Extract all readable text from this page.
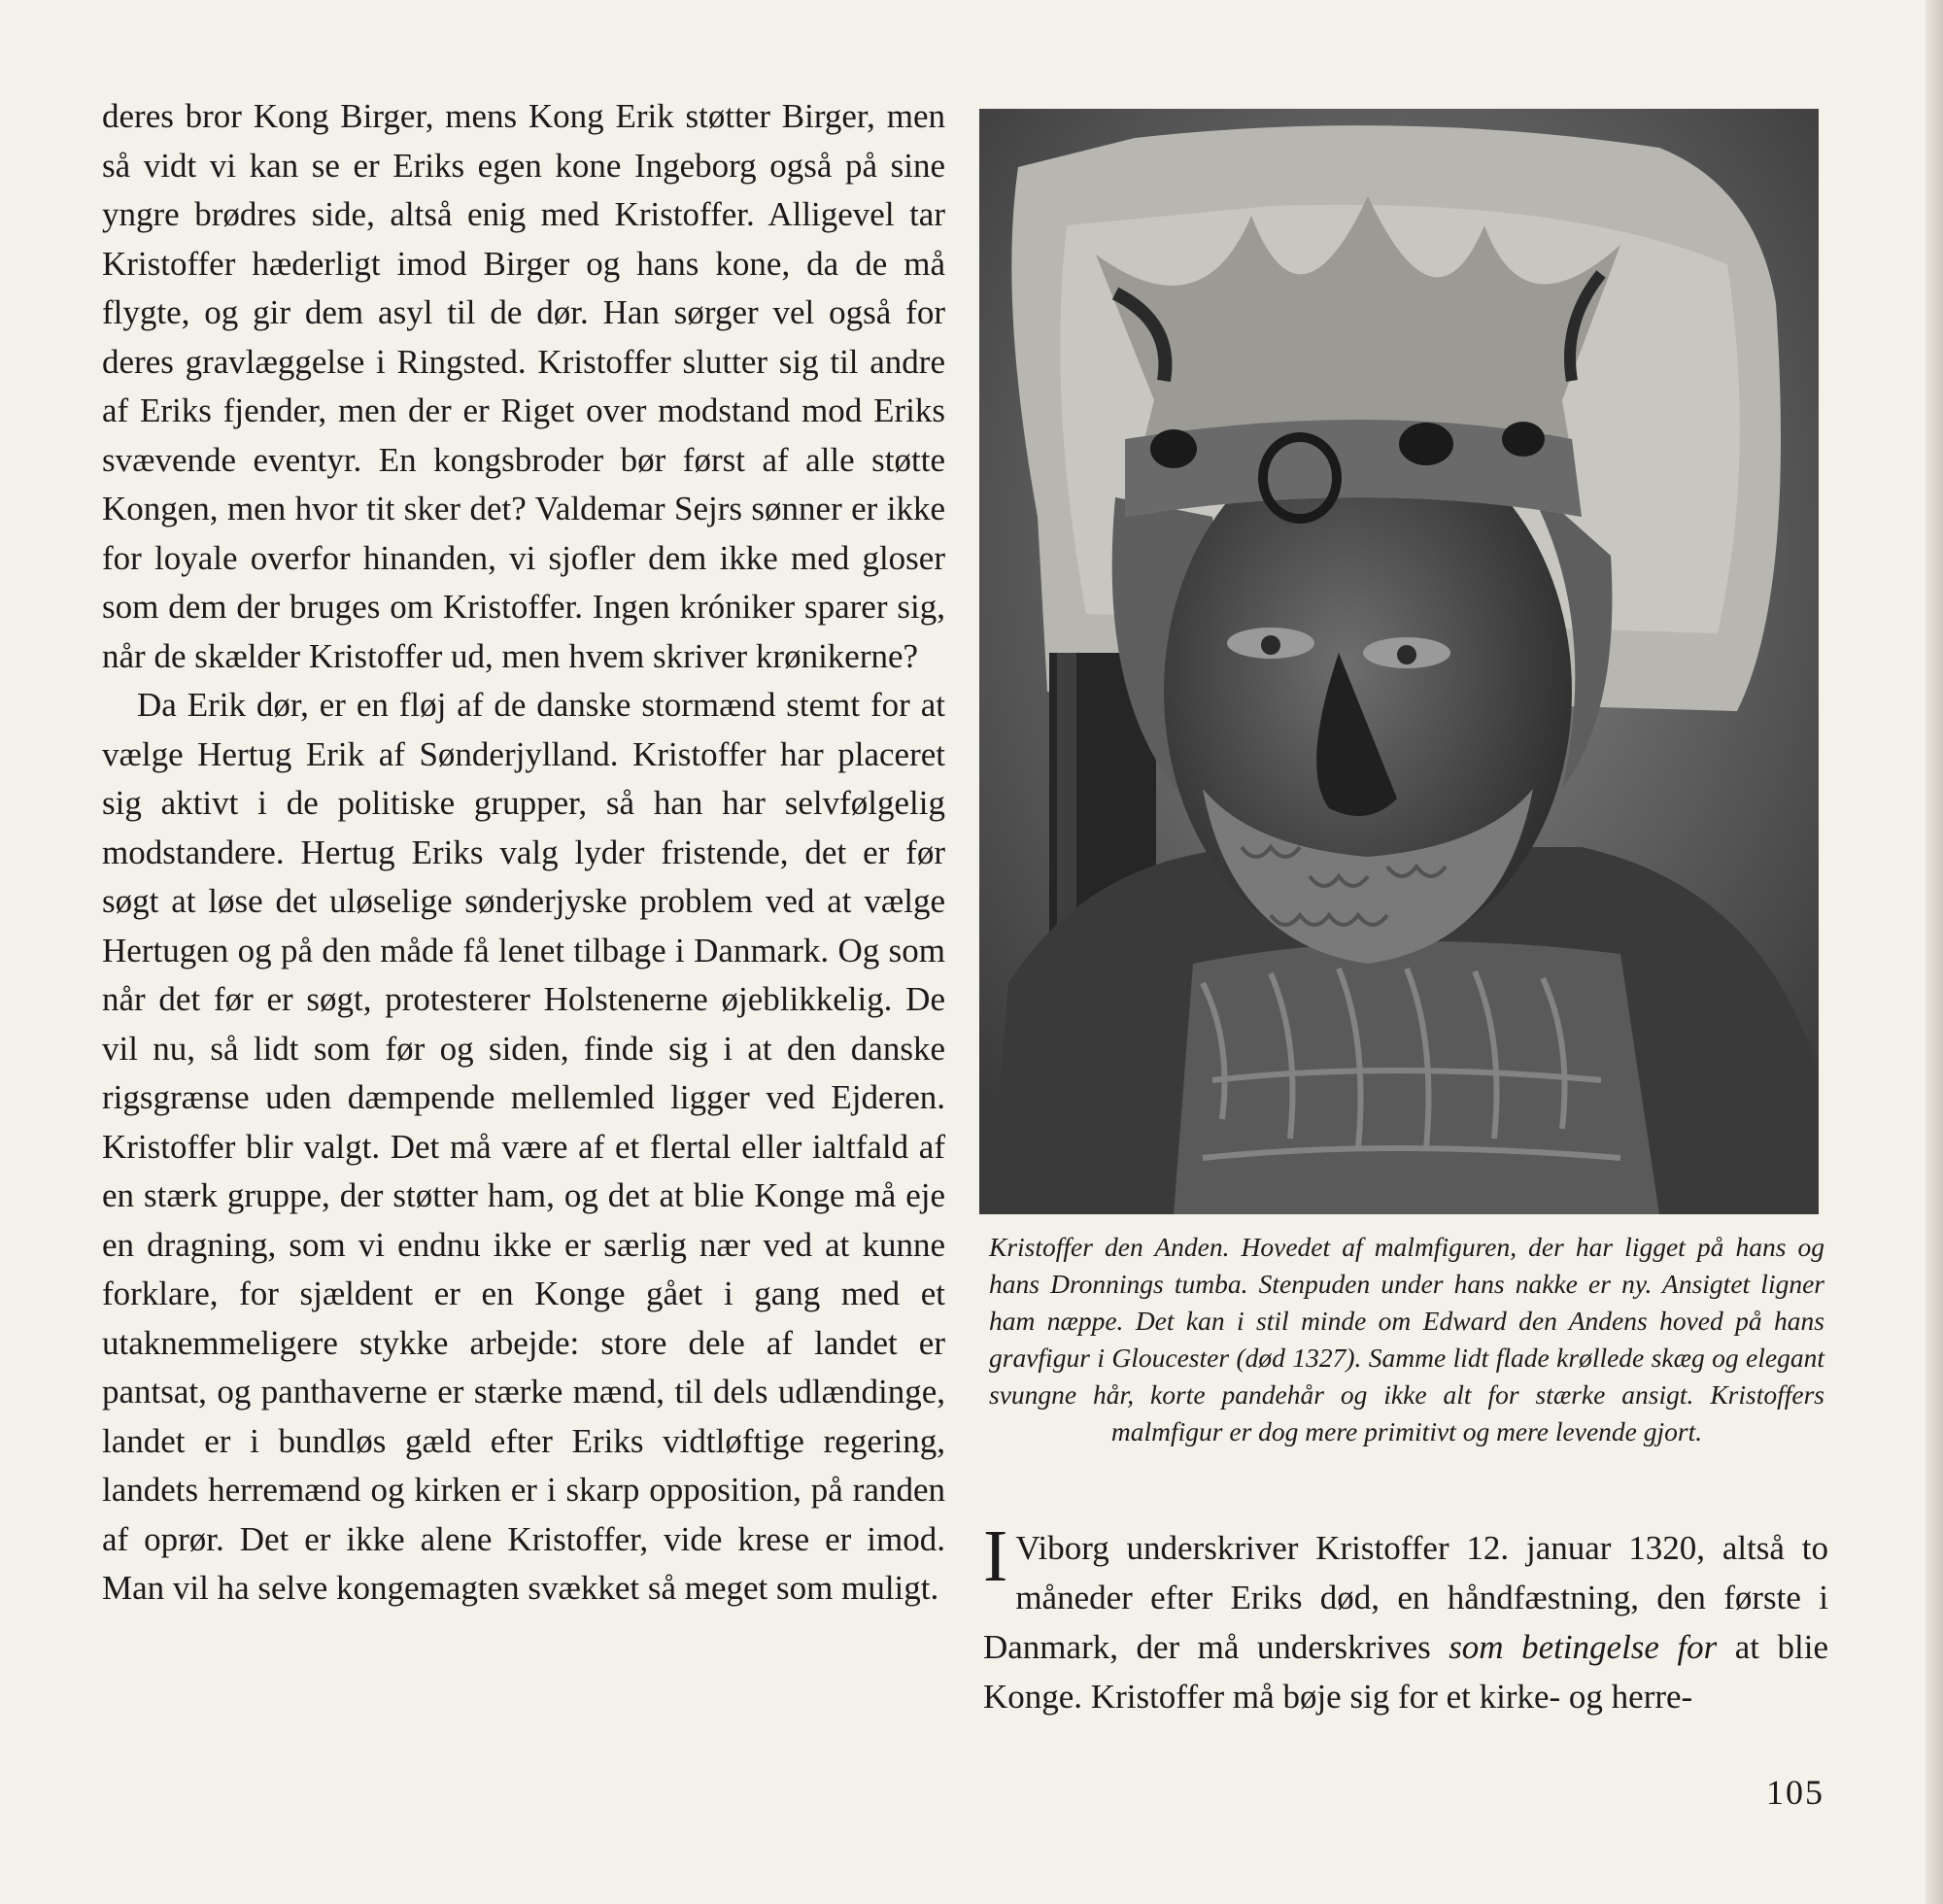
deres bror Kong Birger, mens Kong Erik støtter Birger, men så vidt vi kan se er Eriks egen kone Ingeborg også på sine yngre brødres side, altså enig med Kristoffer. Alligevel tar Kristoffer hæderligt imod Birger og hans kone, da de må flygte, og gir dem asyl til de dør. Han sørger vel også for deres gravlæggelse i Ringsted. Kristoffer slutter sig til andre af Eriks fjender, men der er Riget over modstand mod Eriks svævende eventyr. En kongsbroder bør først af alle støtte Kongen, men hvor tit sker det? Valdemar Sejrs sønner er ikke for loyale overfor hinanden, vi sjofler dem ikke med gloser som dem der bruges om Kristoffer. Ingen króniker sparer sig, når de skælder Kristoffer ud, men hvem skriver krønikerne?

Da Erik dør, er en fløj af de danske stormænd stemt for at vælge Hertug Erik af Sønderjylland. Kristoffer har placeret sig aktivt i de politiske grupper, så han har selvfølgelig modstandere. Hertug Eriks valg lyder fristende, det er før søgt at løse det uløselige sønderjyske problem ved at vælge Hertugen og på den måde få lenet tilbage i Danmark. Og som når det før er søgt, protesterer Holstenerne øjeblikkelig. De vil nu, så lidt som før og siden, finde sig i at den danske rigsgrænse uden dæmpende mellemled ligger ved Ejderen. Kristoffer blir valgt. Det må være af et flertal eller ialtfald af en stærk gruppe, der støtter ham, og det at blie Konge må eje en dragning, som vi endnu ikke er særlig nær ved at kunne forklare, for sjældent er en Konge gået i gang med et utaknemmeligere stykke arbejde: store dele af landet er pantsat, og panthaverne er stærke mænd, til dels udlændinge, landet er i bundløs gæld efter Eriks vidtløftige regering, landets herremænd og kirken er i skarp opposition, på randen af oprør. Det er ikke alene Kristoffer, vide krese er imod. Man vil ha selve kongemagten svækket så meget som muligt.

Kristoffer den Anden. Hovedet af malmfiguren, der har ligget på hans og hans Dronnings tumba. Stenpuden under hans nakke er ny. Ansigtet ligner ham næppe. Det kan i stil minde om Edward den Andens hoved på hans gravfigur i Gloucester (død 1327). Samme lidt flade krøllede skæg og elegant svungne hår, korte pandehår og ikke alt for stærke ansigt. Kristoffers malmfigur er dog mere primitivt og mere levende gjort.

I Viborg underskriver Kristoffer 12. januar 1320, altså to måneder efter Eriks død, en håndfæstning, den første i Danmark, der må underskrives som betingelse for at blie Konge. Kristoffer må bøje sig for et kirke- og herre-

105
